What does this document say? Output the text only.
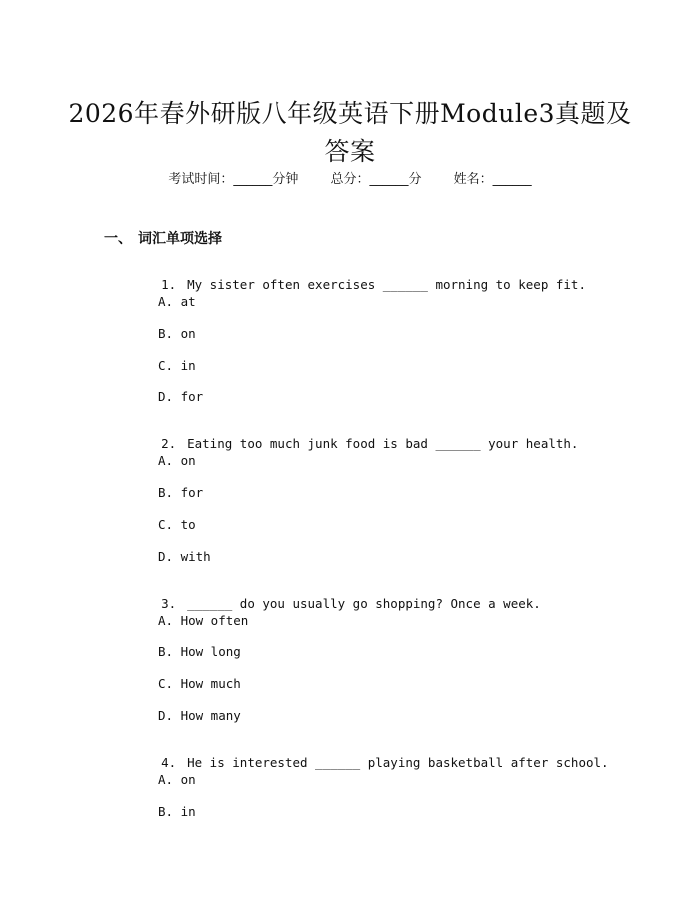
2026年春外研版八年级英语下册Module3真题及答案
考试时间：______分钟 总分：______分 姓名：______
一、 词汇单项选择

1. My sister often exercises ______ morning to keep fit.

A. at
B. on
C. in
D. for

2. Eating too much junk food is bad ______ your health.

A. on
B. for
C. to
D. with

3. ______ do you usually go shopping? Once a week.

A. How often
B. How long
C. How much
D. How many

4. He is interested ______ playing basketball after school.

A. on
B. in
